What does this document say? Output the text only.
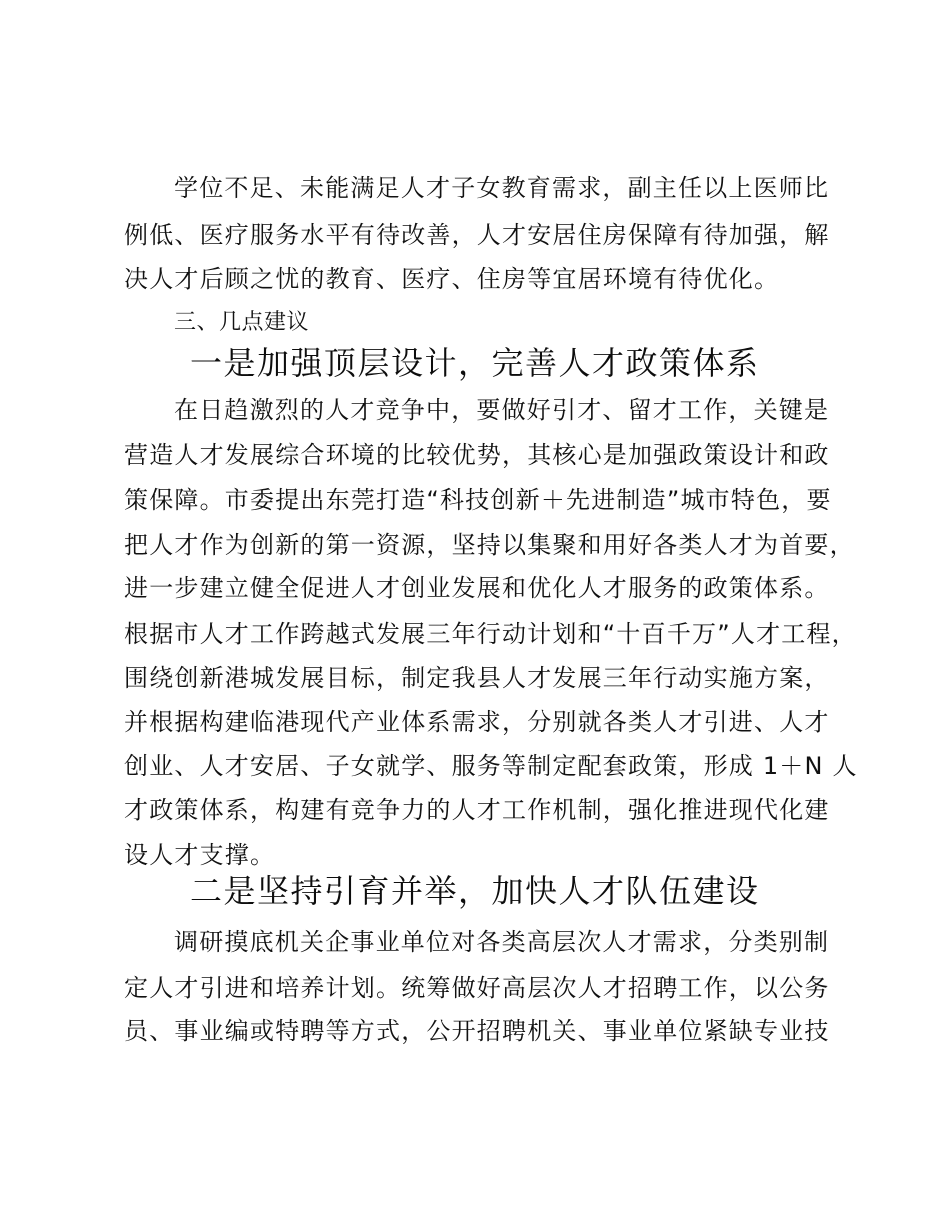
学位不足、未能满足人才子女教育需求，副主任以上医师比
例低、医疗服务水平有待改善，人才安居住房保障有待加强，解
决人才后顾之忧的教育、医疗、住房等宜居环境有待优化。
三、几点建议
一是加强顶层设计，完善人才政策体系
在日趋激烈的人才竞争中，要做好引才、留才工作，关键是
营造人才发展综合环境的比较优势，其核心是加强政策设计和政
策保障。市委提出东莞打造“科技创新＋先进制造”城市特色，要
把人才作为创新的第一资源，坚持以集聚和用好各类人才为首要，
进一步建立健全促进人才创业发展和优化人才服务的政策体系。
根据市人才工作跨越式发展三年行动计划和“十百千万”人才工程，
围绕创新港城发展目标，制定我县人才发展三年行动实施方案，
并根据构建临港现代产业体系需求，分别就各类人才引进、人才
创业、人才安居、子女就学、服务等制定配套政策，形成 1＋N 人
才政策体系，构建有竞争力的人才工作机制，强化推进现代化建
设人才支撑。
二是坚持引育并举，加快人才队伍建设
调研摸底机关企事业单位对各类高层次人才需求，分类别制
定人才引进和培养计划。统筹做好高层次人才招聘工作，以公务
员、事业编或特聘等方式，公开招聘机关、事业单位紧缺专业技
